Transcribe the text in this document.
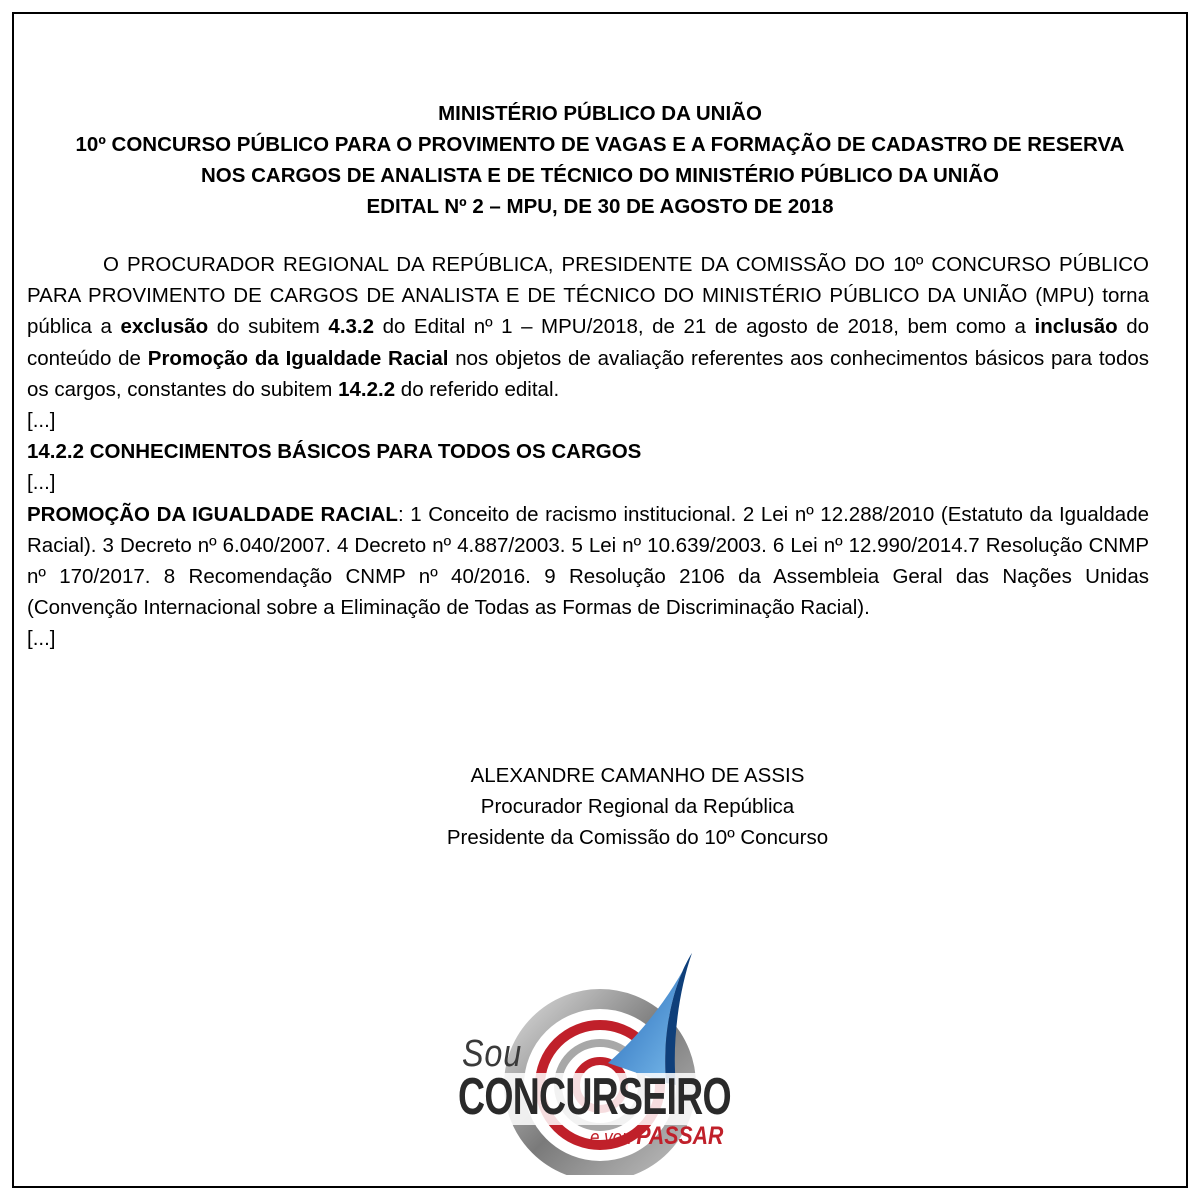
MINISTÉRIO PÚBLICO DA UNIÃO
10º CONCURSO PÚBLICO PARA O PROVIMENTO DE VAGAS E A FORMAÇÃO DE CADASTRO DE RESERVA
NOS CARGOS DE ANALISTA E DE TÉCNICO DO MINISTÉRIO PÚBLICO DA UNIÃO
EDITAL Nº 2 – MPU, DE 30 DE AGOSTO DE 2018

O PROCURADOR REGIONAL DA REPÚBLICA, PRESIDENTE DA COMISSÃO DO 10º CONCURSO PÚBLICO PARA PROVIMENTO DE CARGOS DE ANALISTA E DE TÉCNICO DO MINISTÉRIO PÚBLICO DA UNIÃO (MPU) torna pública a exclusão do subitem 4.3.2 do Edital nº 1 – MPU/2018, de 21 de agosto de 2018, bem como a inclusão do conteúdo de Promoção da Igualdade Racial nos objetos de avaliação referentes aos conhecimentos básicos para todos os cargos, constantes do subitem 14.2.2 do referido edital.

[...]

14.2.2 CONHECIMENTOS BÁSICOS PARA TODOS OS CARGOS

[...]

PROMOÇÃO DA IGUALDADE RACIAL: 1 Conceito de racismo institucional. 2 Lei nº 12.288/2010 (Estatuto da Igualdade Racial). 3 Decreto nº 6.040/2007. 4 Decreto nº 4.887/2003. 5 Lei nº 10.639/2003. 6 Lei nº 12.990/2014.7 Resolução CNMP nº 170/2017. 8 Recomendação CNMP nº 40/2016. 9 Resolução 2106 da Assembleia Geral das Nações Unidas (Convenção Internacional sobre a Eliminação de Todas as Formas de Discriminação Racial).

[...]

ALEXANDRE CAMANHO DE ASSIS
Procurador Regional da República
Presidente da Comissão do 10º Concurso
Sou
CONCURSEIRO
e vou PASSAR
